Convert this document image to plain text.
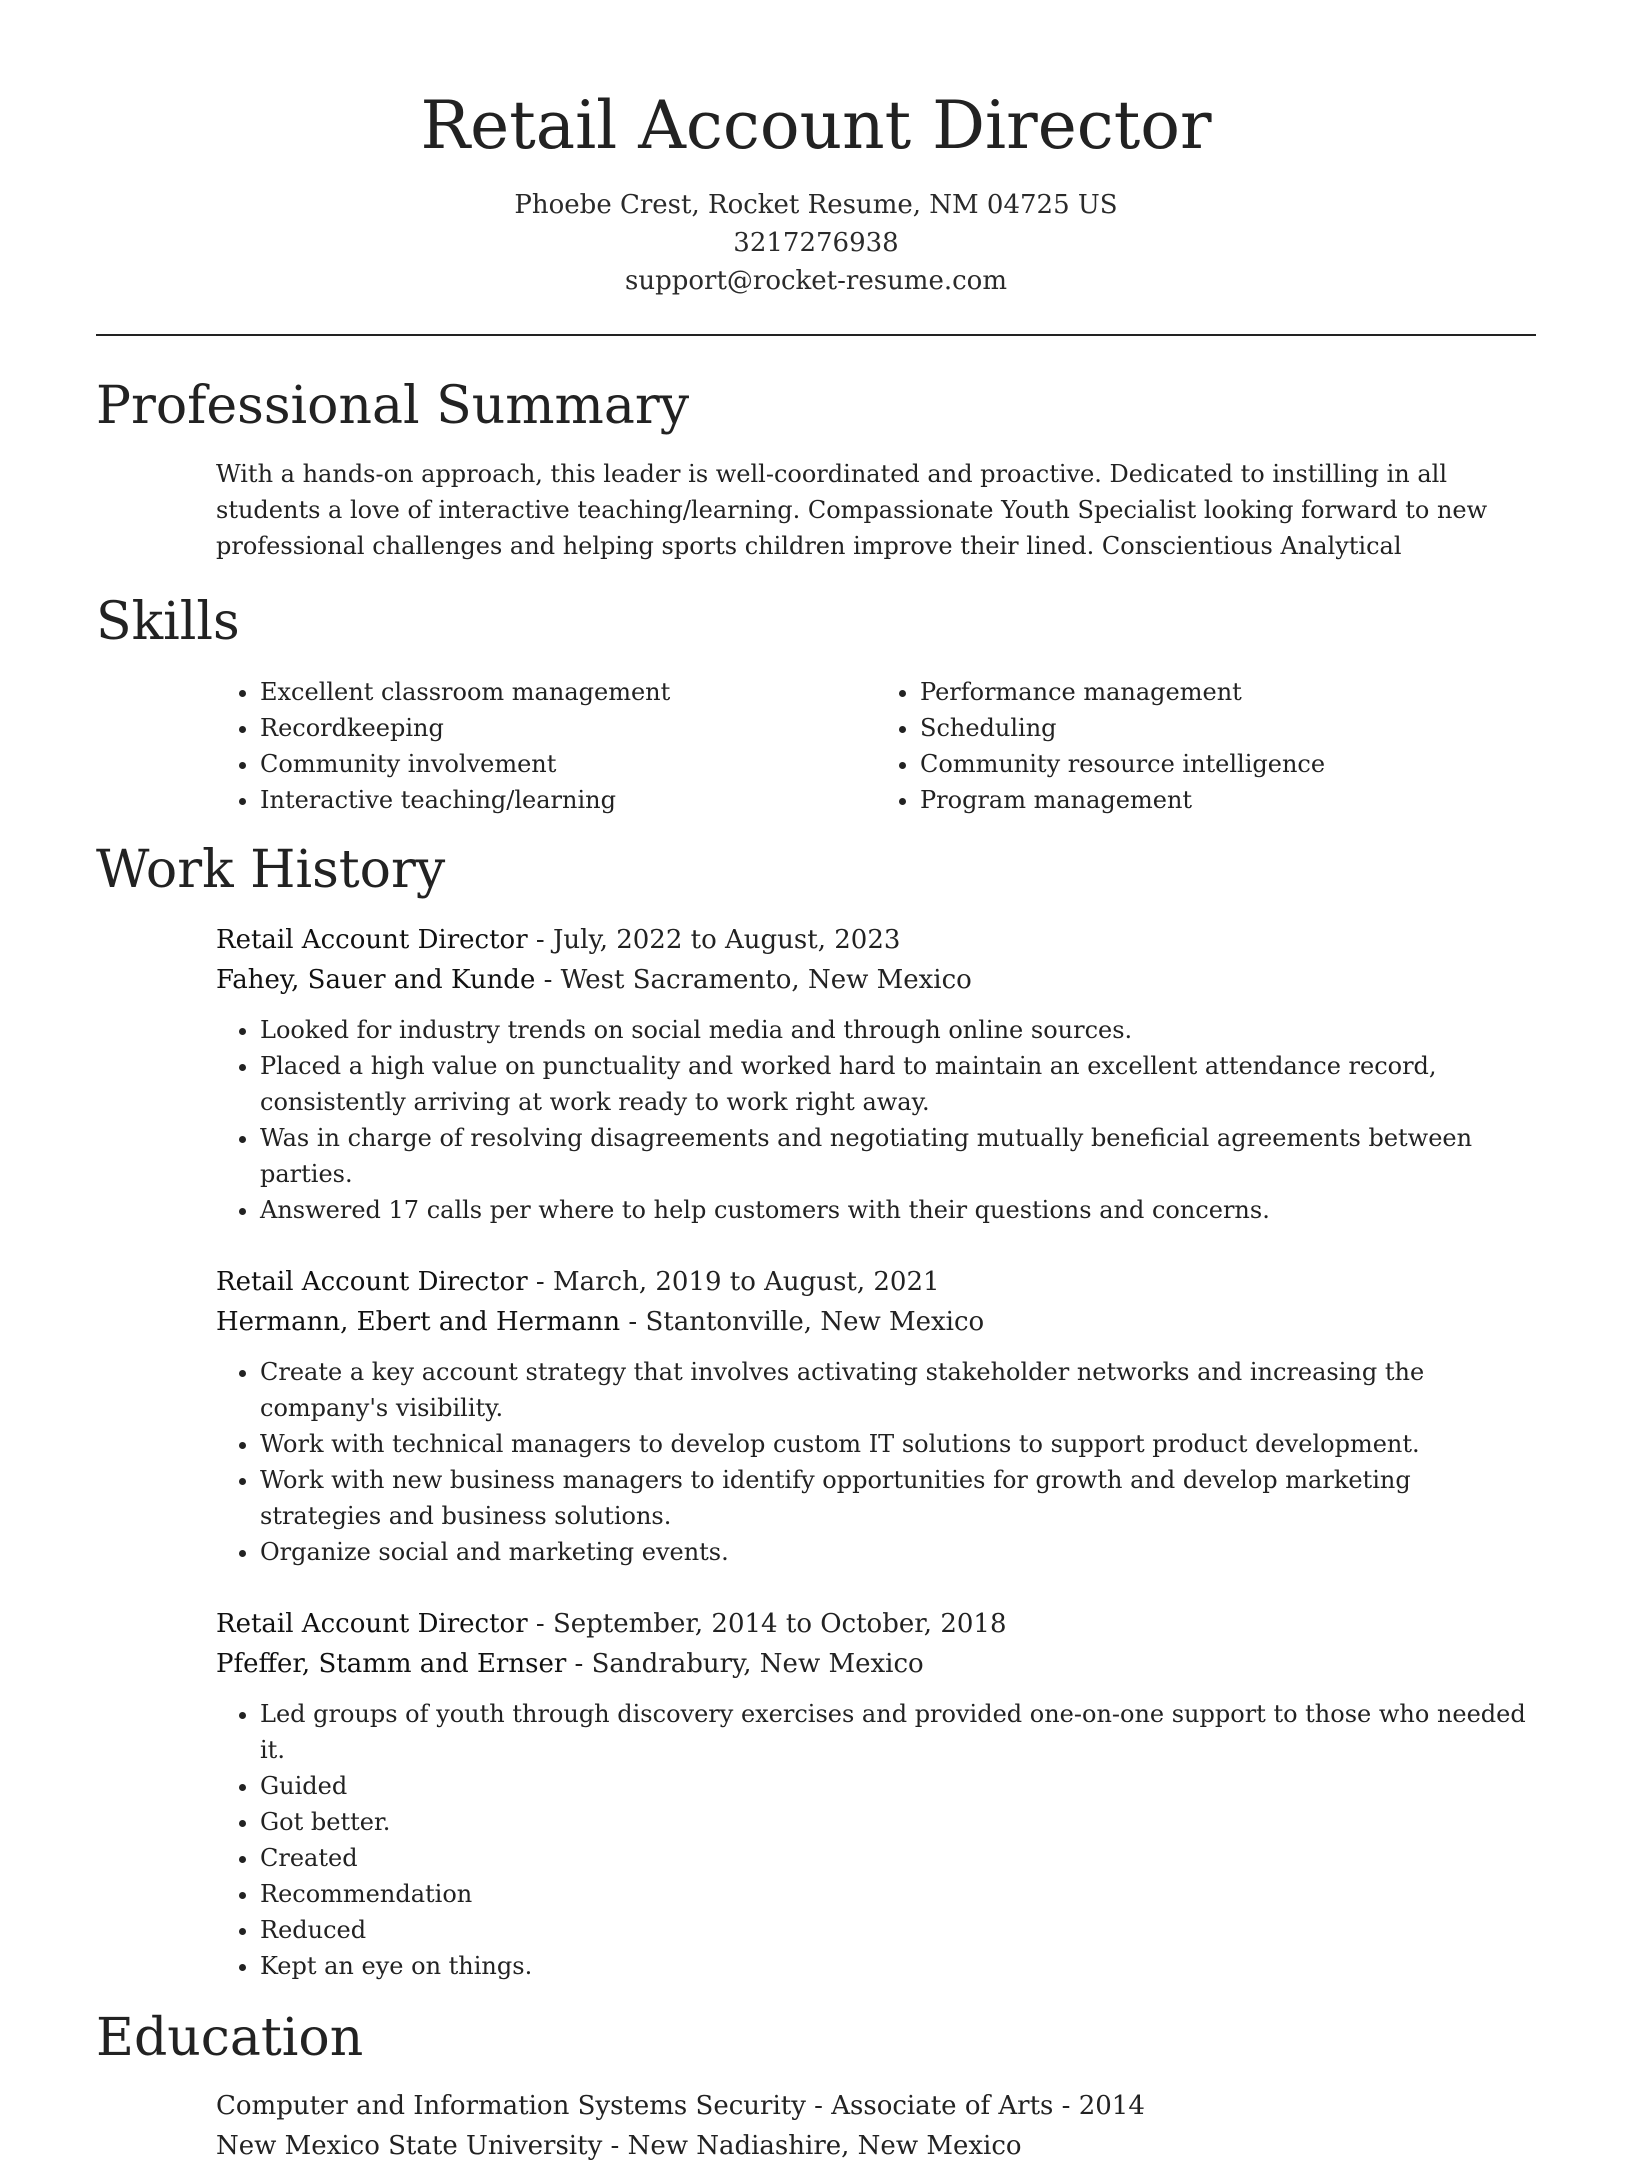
Retail Account Director
Phoebe Crest, Rocket Resume, NM 04725 US
3217276938
support@rocket-resume.com
Professional Summary

With a hands-on approach, this leader is well-coordinated and proactive. Dedicated to instilling in all students a love of interactive teaching/learning. Compassionate Youth Specialist looking forward to new professional challenges and helping sports children improve their lined. Conscientious Analytical

Skills
• Excellent classroom management
• Recordkeeping
• Community involvement
• Interactive teaching/learning
• Performance management
• Scheduling
• Community resource intelligence
• Program management
Work History

Retail Account Director - July, 2022 to August, 2023

Fahey, Sauer and Kunde - West Sacramento, New Mexico

• Looked for industry trends on social media and through online sources.
• Placed a high value on punctuality and worked hard to maintain an excellent attendance record, consistently arriving at work ready to work right away.
• Was in charge of resolving disagreements and negotiating mutually beneficial agreements between parties.
• Answered 17 calls per where to help customers with their questions and concerns.

Retail Account Director - March, 2019 to August, 2021

Hermann, Ebert and Hermann - Stantonville, New Mexico

• Create a key account strategy that involves activating stakeholder networks and increasing the company's visibility.
• Work with technical managers to develop custom IT solutions to support product development.
• Work with new business managers to identify opportunities for growth and develop marketing strategies and business solutions.
• Organize social and marketing events.

Retail Account Director - September, 2014 to October, 2018

Pfeffer, Stamm and Ernser - Sandrabury, New Mexico

• Led groups of youth through discovery exercises and provided one-on-one support to those who needed it.
• Guided
• Got better.
• Created
• Recommendation
• Reduced
• Kept an eye on things.
Education

Computer and Information Systems Security - Associate of Arts - 2014

New Mexico State University - New Nadiashire, New Mexico
